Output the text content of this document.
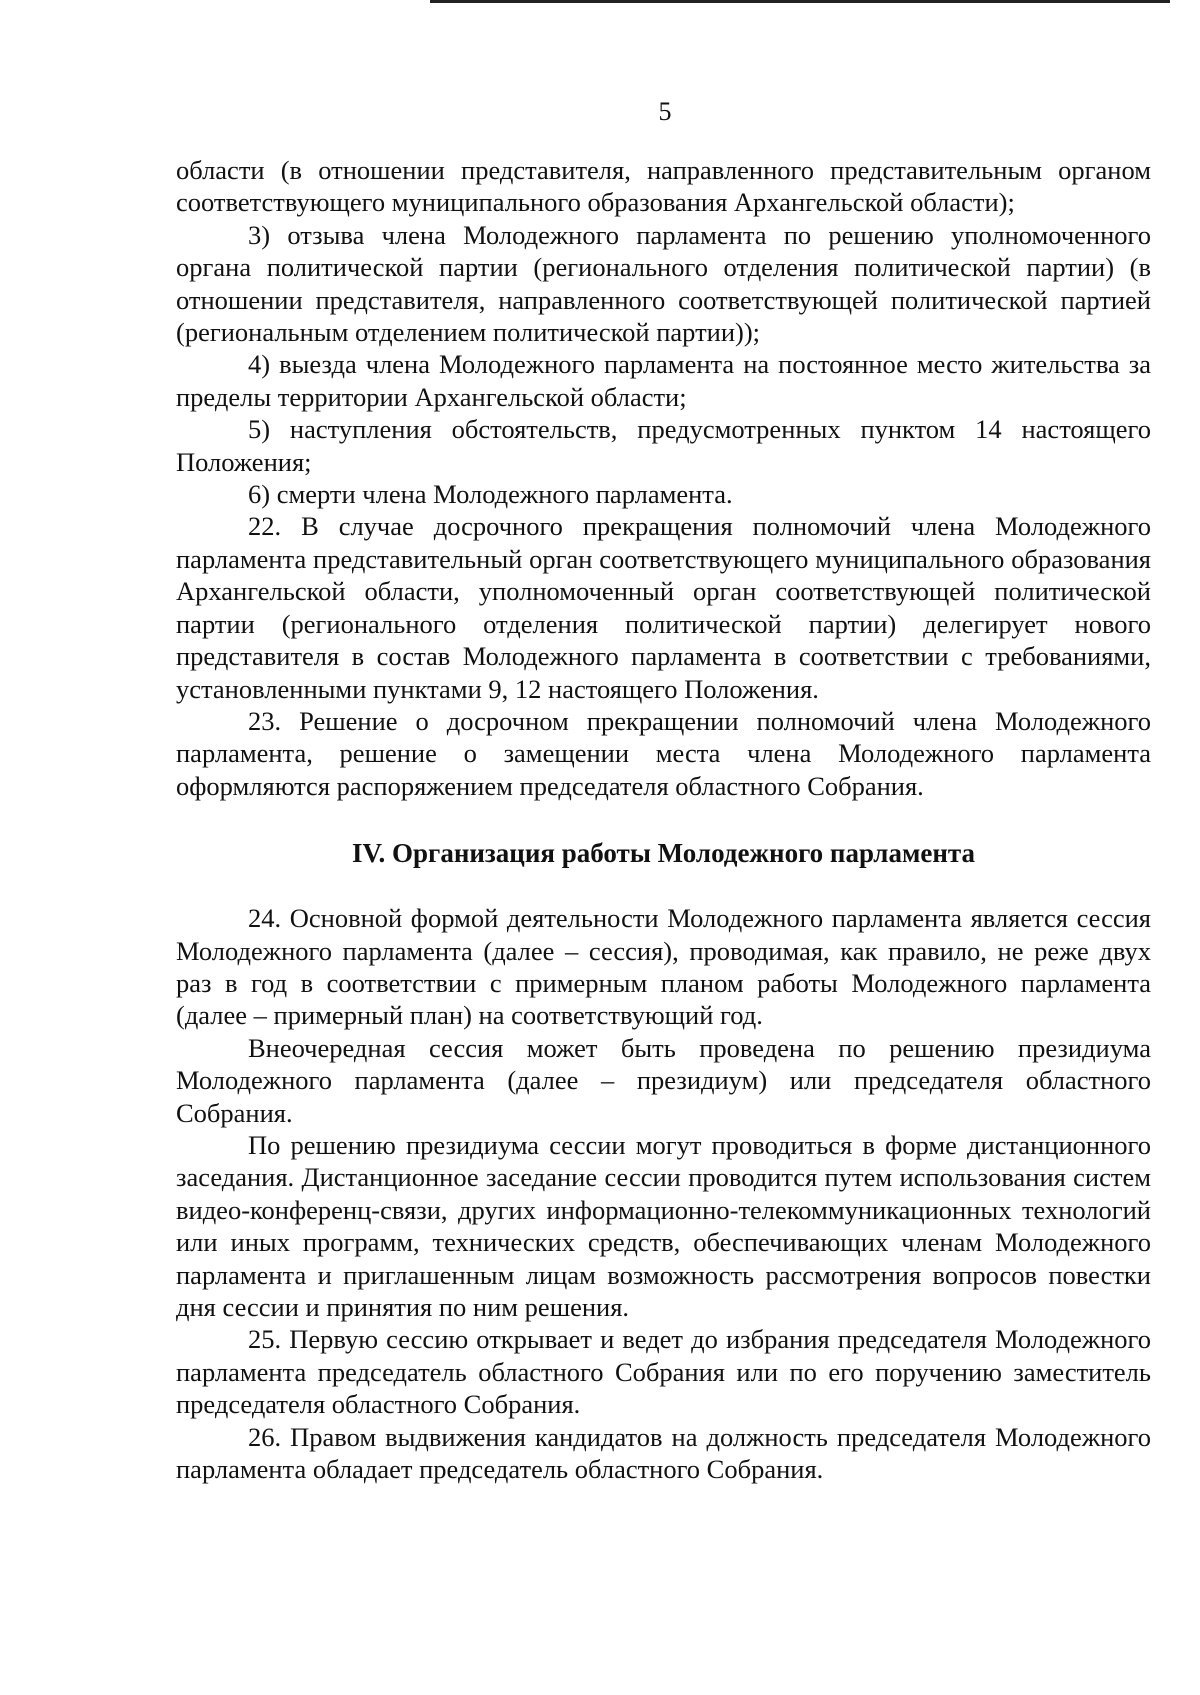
5

области (в отношении представителя, направленного представительным органом соответствующего муниципального образования Архангельской области);

3) отзыва члена Молодежного парламента по решению уполномоченного органа политической партии (регионального отделения политической партии) (в отношении представителя, направленного соответствующей политической партией (региональным отделением политической партии));

4) выезда члена Молодежного парламента на постоянное место жительства за пределы территории Архангельской области;

5) наступления обстоятельств, предусмотренных пунктом 14 настоящего Положения;

6) смерти члена Молодежного парламента.

22. В случае досрочного прекращения полномочий члена Молодежного парламента представительный орган соответствующего муниципального образования Архангельской области, уполномоченный орган соответствующей политической партии (регионального отделения политической партии) делегирует нового представителя в состав Молодежного парламента в соответствии с требованиями, установленными пунктами 9, 12 настоящего Положения.

23. Решение о досрочном прекращении полномочий члена Молодежного парламента, решение о замещении места члена Молодежного парламента оформляются распоряжением председателя областного Собрания.

IV. Организация работы Молодежного парламента

24. Основной формой деятельности Молодежного парламента является сессия Молодежного парламента (далее – сессия), проводимая, как правило, не реже двух раз в год в соответствии с примерным планом работы Молодежного парламента (далее – примерный план) на соответствующий год.

Внеочередная сессия может быть проведена по решению президиума Молодежного парламента (далее – президиум) или председателя областного Собрания.

По решению президиума сессии могут проводиться в форме дистанционного заседания. Дистанционное заседание сессии проводится путем использования систем видео-конференц-связи, других информационно-телекоммуникационных технологий или иных программ, технических средств, обеспечивающих членам Молодежного парламента и приглашенным лицам возможность рассмотрения вопросов повестки дня сессии и принятия по ним решения.

25. Первую сессию открывает и ведет до избрания председателя Молодежного парламента председатель областного Собрания или по его поручению заместитель председателя областного Собрания.

26. Правом выдвижения кандидатов на должность председателя Молодежного парламента обладает председатель областного Собрания.
